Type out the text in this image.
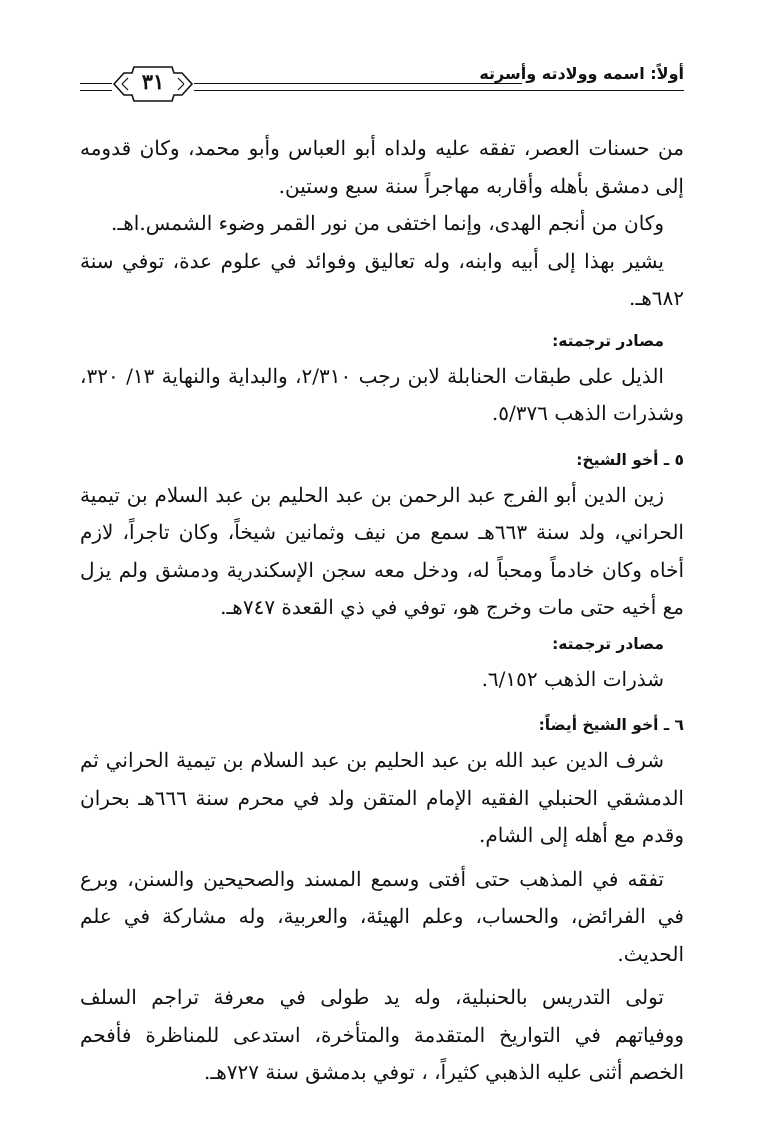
أولاً: اسمه وولادته وأسرته
٣١

من حسنات العصر، تفقه عليه ولداه أبو العباس وأبو محمد، وكان قدومه إلى دمشق بأهله وأقاربه مهاجراً سنة سبع وستين.

وكان من أنجم الهدى، وإنما اختفى من نور القمر وضوء الشمس.اهـ.

يشير بهذا إلى أبيه وابنه، وله تعاليق وفوائد في علوم عدة، توفي سنة ٦٨٢هـ.

مصادر ترجمته:

الذيل على طبقات الحنابلة لابن رجب ٢/٣١٠، والبداية والنهاية ١٣/ ٣٢٠، وشذرات الذهب ٥/٣٧٦.

٥ ـ أخو الشيخ:

زين الدين أبو الفرج عبد الرحمن بن عبد الحليم بن عبد السلام بن تيمية الحراني، ولد سنة ٦٦٣هـ سمع من نيف وثمانين شيخاً، وكان تاجراً، لازم أخاه وكان خادماً ومحباً له، ودخل معه سجن الإسكندرية ودمشق ولم يزل مع أخيه حتى مات وخرج هو، توفي في ذي القعدة ٧٤٧هـ.

مصادر ترجمته:

شذرات الذهب ٦/١٥٢.

٦ ـ أخو الشيخ أيضاً:

شرف الدين عبد الله بن عبد الحليم بن عبد السلام بن تيمية الحراني ثم الدمشقي الحنبلي الفقيه الإمام المتقن ولد في محرم سنة ٦٦٦هـ بحران وقدم مع أهله إلى الشام.

تفقه في المذهب حتى أفتى وسمع المسند والصحيحين والسنن، وبرع في الفرائض، والحساب، وعلم الهيئة، والعربية، وله مشاركة في علم الحديث.

تولى التدريس بالحنبلية، وله يد طولى في معرفة تراجم السلف ووفياتهم في التواريخ المتقدمة والمتأخرة، استدعى للمناظرة فأفحم الخصم أثنى عليه الذهبي كثيراً، ، توفي بدمشق سنة ٧٢٧هـ.
